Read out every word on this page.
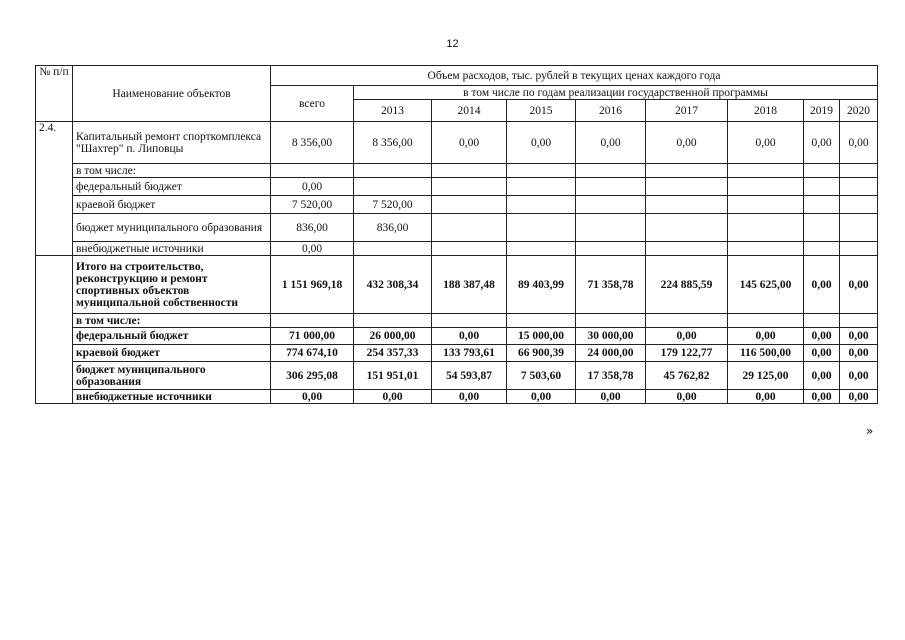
12
№ п/п	Наименование объектов	Объем расходов, тыс. рублей в текущих ценах каждого года								
		всего	в том числе по годам реализации государственной программы							
			2013	2014	2015	2016	2017	2018	2019	2020
2.4.	Капитальный ремонт спорткомплекса "Шахтер" п. Липовцы	8 356,00	8 356,00	0,00	0,00	0,00	0,00	0,00	0,00	0,00
	в том числе:									
	федеральный бюджет	0,00								
	краевой бюджет	7 520,00	7 520,00							
	бюджет муниципального образования	836,00	836,00							
	внебюджетные источники	0,00								
	Итого на строительство, реконструкцию и ремонт спортивных объектов муниципальной собственности	1 151 969,18	432 308,34	188 387,48	89 403,99	71 358,78	224 885,59	145 625,00	0,00	0,00
	в том числе:									
	федеральный бюджет	71 000,00	26 000,00	0,00	15 000,00	30 000,00	0,00	0,00	0,00	0,00
	краевой бюджет	774 674,10	254 357,33	133 793,61	66 900,39	24 000,00	179 122,77	116 500,00	0,00	0,00
	бюджет муниципального образования	306 295,08	151 951,01	54 593,87	7 503,60	17 358,78	45 762,82	29 125,00	0,00	0,00
	внебюджетные источники	0,00	0,00	0,00	0,00	0,00	0,00	0,00	0,00	0,00
»
